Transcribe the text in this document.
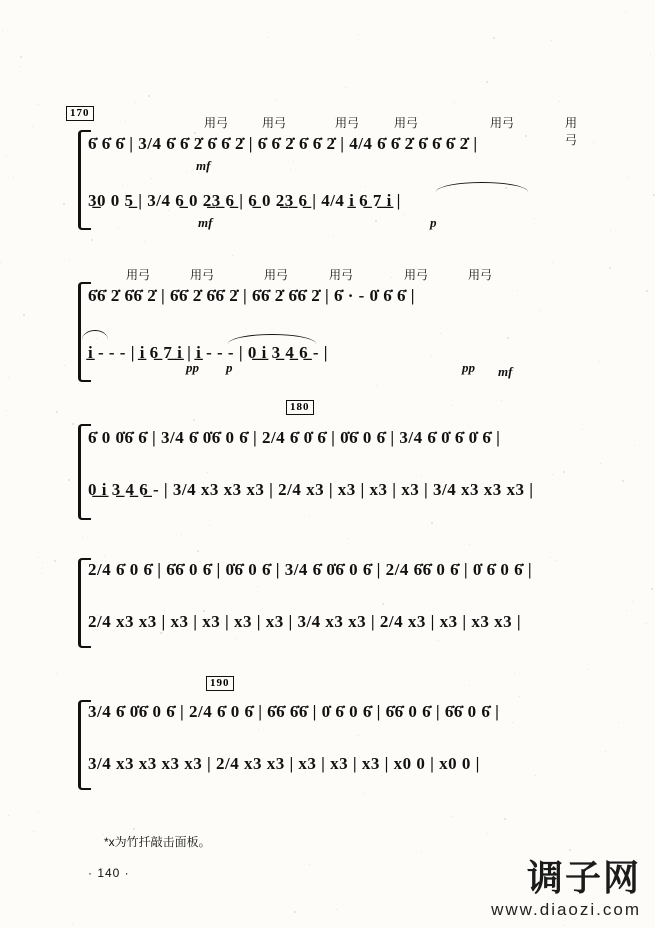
170
用弓	用弓	用弓	用弓	用弓	用弓
6̇ 6̇ 6̇ | 3/4 6̇ 6̇ 2̇ 6̇ 6̇ 2̇ | 6̇ 6̇ 2̇ 6̇ 6̇ 2̇ | 4/4 6̇ 6̇ 2̇ 6̇ 6̇ 6̇ 2̇ |
mf
3̲0 0 5̲ | 3/4 6̲ 0 2̲3̲ 6̲ | 6̲ 0 2̲3̲ 6̲ | 4/4 i̲ 6̲ 7̲ i̲ |
mf	p
用弓	用弓	用弓	用弓	用弓	用弓
6̇6̇ 2̇ 6̇6̇ 2̇ | 6̇6̇ 2̇ 6̇6̇ 2̇ | 6̇6̇ 2̇ 6̇6̇ 2̇ | 6̇ · - 0̇ 6̇ 6̇ |
i̲ - - - | i̲ 6̲ 7̲ i̲ | i̲ - - - | 0̲ i̲ 3̲ 4̲ 6̲ - |
pp p	pp mf
180
6̇ 0 0̇6̇ 6̇ | 3/4 6̇ 0̇6̇ 0 6̇ | 2/4 6̇ 0̇ 6̇ | 0̇6̇ 0 6̇ | 3/4 6̇ 0̇ 6̇ 0̇ 6̇ |
0̲ i̲ 3̲ 4̲ 6̲ - | 3/4 x3 x3 x3 | 2/4 x3 | x3 | x3 | x3 | 3/4 x3 x3 x3 |
2/4 6̇ 0 6̇ | 6̇6̇ 0 6̇ | 0̇6̇ 0 6̇ | 3/4 6̇ 0̇6̇ 0 6̇ | 2/4 6̇6̇ 0 6̇ | 0̇ 6̇ 0 6̇ |
2/4 x3 x3 | x3 | x3 | x3 | x3 | 3/4 x3 x3 | 2/4 x3 | x3 | x3 x3 |
190
3/4 6̇ 0̇6̇ 0 6̇ | 2/4 6̇ 0 6̇ | 6̇6̇ 6̇6̇ | 0̇ 6̇ 0 6̇ | 6̇6̇ 0 6̇ | 6̇6̇ 0 6̇ |
3/4 x3 x3 x3 x3 | 2/4 x3 x3 | x3 | x3 | x3 | x0 0 | x0 0 |
*x为竹扦敲击面板。
· 140 ·	调子网
www.diaozi.com
